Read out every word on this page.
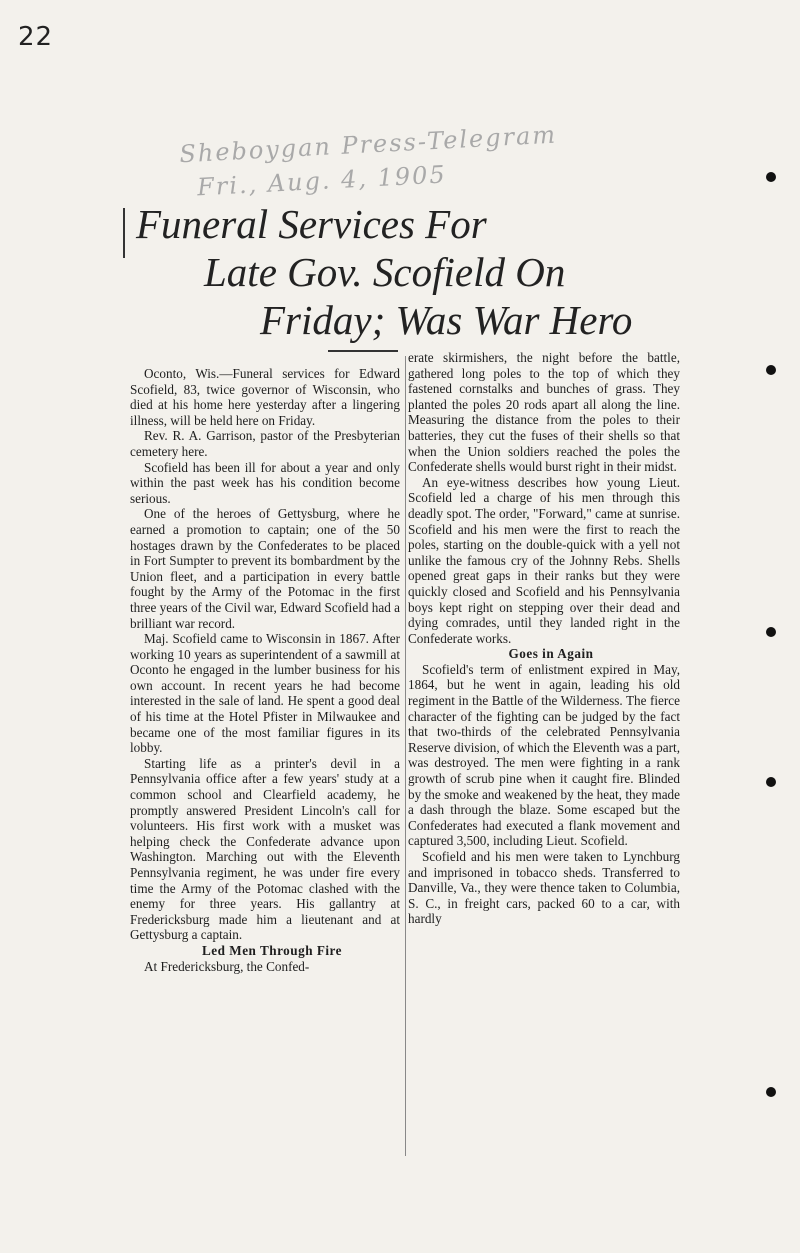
22
Sheboygan Press-Telegram
Fri., Aug. 4, 1905
Funeral Services For
Late Gov. Scofield On
Friday; Was War Hero

Oconto, Wis.—Funeral services for Edward Scofield, 83, twice governor of Wisconsin, who died at his home here yesterday after a lingering illness, will be held here on Friday.

Rev. R. A. Garrison, pastor of the Presbyterian cemetery here.

Scofield has been ill for about a year and only within the past week has his condition become serious.

One of the heroes of Gettysburg, where he earned a promotion to captain; one of the 50 hostages drawn by the Confederates to be placed in Fort Sumpter to prevent its bombardment by the Union fleet, and a participation in every battle fought by the Army of the Potomac in the first three years of the Civil war, Edward Scofield had a brilliant war record.

Maj. Scofield came to Wisconsin in 1867. After working 10 years as superintendent of a sawmill at Oconto he engaged in the lumber business for his own account. In recent years he had become interested in the sale of land. He spent a good deal of his time at the Hotel Pfister in Milwaukee and became one of the most familiar figures in its lobby.

Starting life as a printer's devil in a Pennsylvania office after a few years' study at a common school and Clearfield academy, he promptly answered President Lincoln's call for volunteers. His first work with a musket was helping check the Confederate advance upon Washington. Marching out with the Eleventh Pennsylvania regiment, he was under fire every time the Army of the Potomac clashed with the enemy for three years. His gallantry at Fredericksburg made him a lieutenant and at Gettysburg a captain.

Led Men Through Fire

At Fredericksburg, the Confed-

erate skirmishers, the night before the battle, gathered long poles to the top of which they fastened cornstalks and bunches of grass. They planted the poles 20 rods apart all along the line. Measuring the distance from the poles to their batteries, they cut the fuses of their shells so that when the Union soldiers reached the poles the Confederate shells would burst right in their midst.

An eye-witness describes how young Lieut. Scofield led a charge of his men through this deadly spot. The order, "Forward," came at sunrise. Scofield and his men were the first to reach the poles, starting on the double-quick with a yell not unlike the famous cry of the Johnny Rebs. Shells opened great gaps in their ranks but they were quickly closed and Scofield and his Pennsylvania boys kept right on stepping over their dead and dying comrades, until they landed right in the Confederate works.

Goes in Again

Scofield's term of enlistment expired in May, 1864, but he went in again, leading his old regiment in the Battle of the Wilderness. The fierce character of the fighting can be judged by the fact that two-thirds of the celebrated Pennsylvania Reserve division, of which the Eleventh was a part, was destroyed. The men were fighting in a rank growth of scrub pine when it caught fire. Blinded by the smoke and weakened by the heat, they made a dash through the blaze. Some escaped but the Confederates had executed a flank movement and captured 3,500, including Lieut. Scofield.

Scofield and his men were taken to Lynchburg and imprisoned in tobacco sheds. Transferred to Danville, Va., they were thence taken to Columbia, S. C., in freight cars, packed 60 to a car, with hardly
